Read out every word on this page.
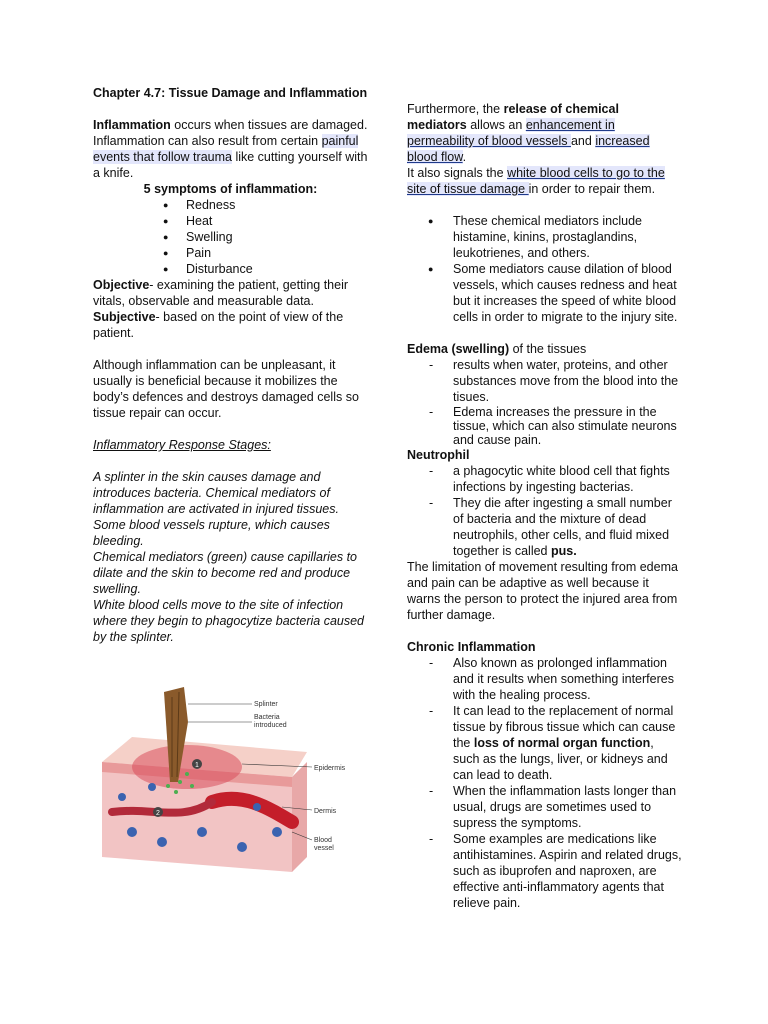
Chapter 4.7: Tissue Damage and Inflammation

Inflammation occurs when tissues are damaged. Inflammation can also result from certain painful events that follow trauma like cutting yourself with a knife.

5 symptoms of inflammation:

● Redness
● Heat
● Swelling
● Pain
● Disturbance

Objective- examining the patient, getting their vitals, observable and measurable data.

Subjective- based on the point of view of the patient.

Although inflammation can be unpleasant, it usually is beneficial because it mobilizes the body’s defences and destroys damaged cells so tissue repair can occur.

Inflammatory Response Stages:

A splinter in the skin causes damage and introduces bacteria. Chemical mediators of inflammation are activated in injured tissues. Some blood vessels rupture, which causes bleeding.

Chemical mediators (green) cause capillaries to dilate and the skin to become red and produce swelling.

White blood cells move to the site of infection where they begin to phagocytize bacteria caused by the splinter.

1
2
Splinter
Bacteria
introduced
Epidermis
Dermis
Blood
vessel

Furthermore, the release of chemical mediators allows an enhancement in permeability of blood vessels and increased blood flow.

It also signals the white blood cells to go to the site of tissue damage in order to repair them.

● These chemical mediators include histamine, kinins, prostaglandins, leukotrienes, and others.
● Some mediators cause dilation of blood vessels, which causes redness and heat but it increases the speed of white blood cells in order to migrate to the injury site.

Edema (swelling) of the tissues

- results when water, proteins, and other substances move from the blood into the tisues.
- Edema increases the pressure in the tissue, which can also stimulate neurons and cause pain.

Neutrophil

- a phagocytic white blood cell that fights infections by ingesting bacterias.
- They die after ingesting a small number of bacteria and the mixture of dead neutrophils, other cells, and fluid mixed together is called pus.

The limitation of movement resulting from edema and pain can be adaptive as well because it warns the person to protect the injured area from further damage.

Chronic Inflammation

- Also known as prolonged inflammation and it results when something interferes with the healing process.
- It can lead to the replacement of normal tissue by fibrous tissue which can cause the loss of normal organ function, such as the lungs, liver, or kidneys and can lead to death.
- When the inflammation lasts longer than usual, drugs are sometimes used to supress the symptoms.
- Some examples are medications like antihistamines. Aspirin and related drugs, such as ibuprofen and naproxen, are effective anti-inflammatory agents that relieve pain.
